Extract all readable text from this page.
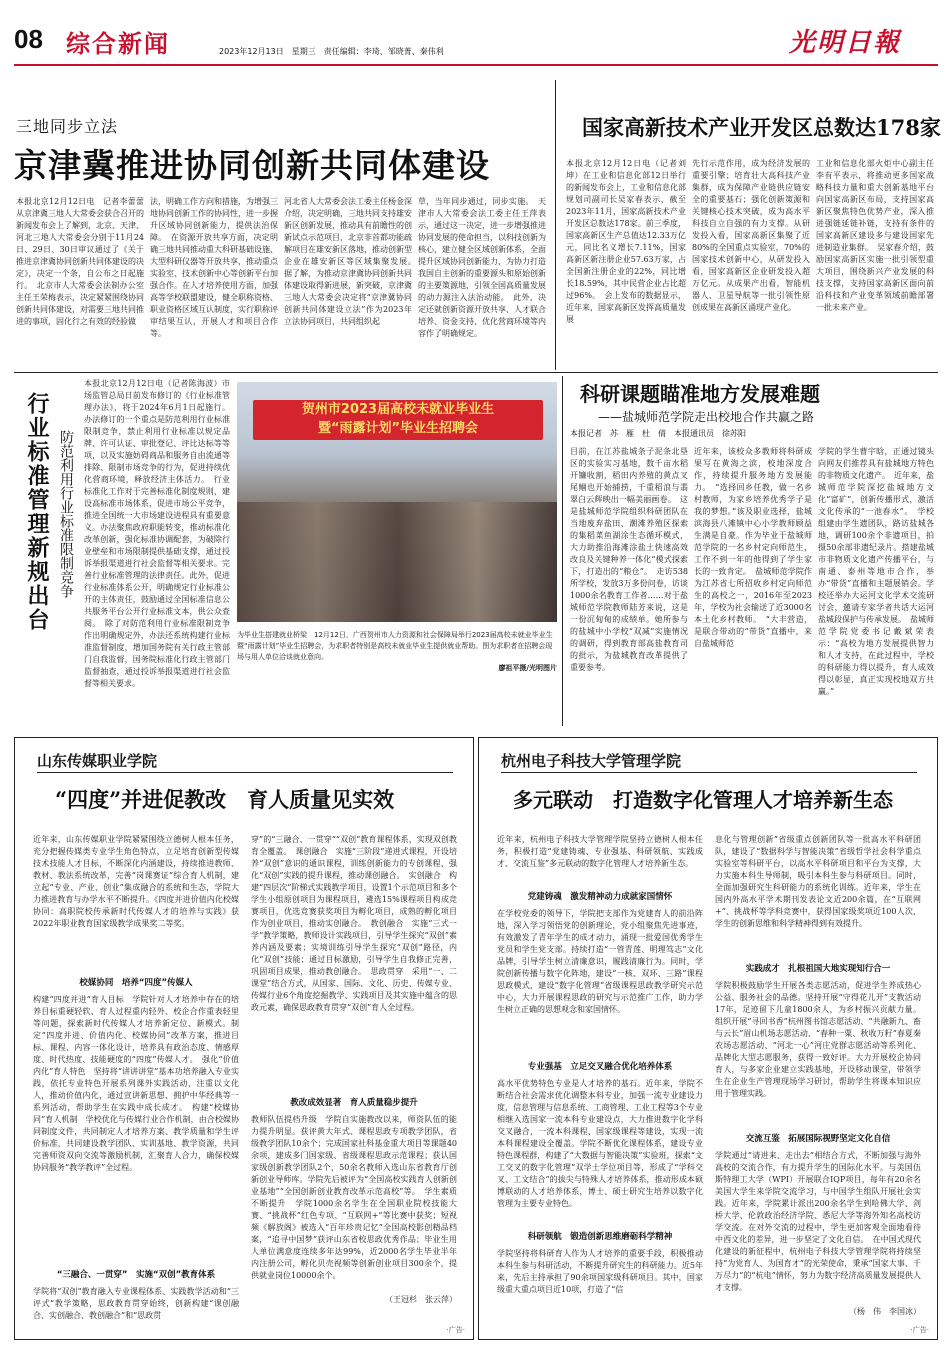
08 综合新闻	2023年12月13日　星期三　责任编辑：李琦、邹晓菁、秦伟利	光明日報
三地同步立法
京津冀推进协同创新共同体建设
本报北京12月12日电　记者李蕾蕾　从京津冀三地人大常委会获合召开的新闻发布会上了解到，北京、天津、河北三地人大常委会分别于11月24日、29日、30日审议通过了《关于推进京津冀协同创新共同体建设的决定》，决定一个条，自公布之日起施行。　北京市人大常委会法制办公室主任王荣梅表示，决定紧紧围绕协同创新共同体建设，对需要三地共同推进的事项，固化行之有效的经验做
法，明确工作方向和措施，为增强三地协同创新工作的协同性，进一步握升区域协同创新能力，提供法治保障。　在资源开放共享方面，决定明确三地共同推动重大科研基础设施、大型科研仪器等开放共享，推动重点实验室、技术创新中心等创新平台加强合作。在人才培养使用方面，加强高等学校联盟建设，健全职称资格、职业资格区域互认制度，实行职称评审结果互认，开展人才和项目合作等。
河北省人大常委会法工委主任杨金深介绍，决定明确，三地共同支持雄安新区创新发展，推动具有前瞻性的创新试点示范项目，北京非首都功能疏解项目在雄安新区落地，推动创新型企业在雄安新区等区域集聚发展。　据了解，为推动京津冀协同创新共同体建设取得新进展，新突破，京津冀三地人大常委会决定将“京津冀协同创新共同体建设立法”作为2023年立法协同项目，共同组织起
草，当年同步通过，同步实施。　天津市人大常委会法工委主任王萍表示，通过这一决定，进一步增强推进协同发展的使命担当，以科技创新为核心，建立健全区域创新体系，全面提升区域协同创新能力，为协力打造我国自主创新的重要源头和原始创新的主要策源地，引领全国高质量发展的动力源注入法治动能。　此外，决定还就创新资源开放共享、人才联合培养、资金支持、优化营商环境等内容作了明确规定。
国家高新技术产业开发区总数达178家
本报北京12月12日电（记者刘坤）在工业和信息化部12日举行的新闻发布会上，工业和信息化部规划司副司长吴家春表示，截至2023年11月，国家高新技术产业开发区总数达178家。前三季度，国家高新区生产总值达12.33万亿元，同比名义增长7.11%，国家高新区新注册企业57.63万家，占全国新注册企业的22%，同比增长18.59%，其中民营企业占比超过96%。　会上发布的数据显示，近年来，国家高新区发挥高质量发展
先行示范作用，成为经济发展的重要引擎；培育壮大高科技产业集群，成为保障产业链供应链安全的重要基石；强化创新策源和关键核心技术突破，成为高水平科技自立自强的有力支撑。从研发投入看，国家高新区集聚了近80%的全国重点实验室，70%的国家技术创新中心，从研发投入看，国家高新区企业研发投入超万亿元。从成果产出看，智能机器人、卫星导航等一批引领性原创成果在高新区涌现产业化。
工业和信息化部火炬中心副主任李有平表示，将推动更多国家战略科技力量和重大创新基地平台向国家高新区布局，支持国家高新区聚焦特色优势产业，深入推进强链延链补链，支持有条件的国家高新区建设多与建设国家先进制造业集群。　吴家春介绍，鼓励国家高新区实施一批引领型重大项目，围绕新兴产业发展的科技支撑，支持国家高新区面向前沿科技和产业变革领域前瞻部署一批未来产业。
行业标准管理新规出台 防范利用行业标准限制竞争
本报北京12月12日电（记者陈海波）市场监管总局日前发布修订的《行业标准管理办法》，将于2024年6月1日起施行。办法修订的一个重点是防范利用行业标准限制竞争，禁止利用行业标准以规定品牌、许可认证、审批登记、评比达标等等项，以及实施妨碍商品和服务自由流通等排除、限制市场竞争的行为，促进持续优化营商环境，释放经济主体活力。　行业标准化工作对于完善标准化制度规则，建设高标准市场体系，促进市场公平竞争，推进全国统一大市场建设进程具有重要意义。办法聚焦政府职能转变，推动标准化改革创新，强化标准协调配套，为破除行业壁垒和市场限制提供基础支撑，通过投诉举报渠道进行社会监督等相关要求。完善行业标准管理的法律责任。此外，促进行业标准体系公开，明确规定行业标准公开的主体责任，鼓励通过全国标准信息公共服务平台公开行业标准文本，供公众查阅。　除了对防范利用行业标准限制竞争作出明确规定外，办法还系统构建行业标准监督制度，增加国务院有关行政主管部门自我监督，国务院标准化行政主管部门监督抽查，通过投诉举报渠道进行社会监督等相关要求。
贺州市2023届高校未就业毕业生
暨“雨露计划”毕业生招聘会
为毕业生搭建就业桥梁　12月12日，广西贺州市人力资源和社会保障局举行2023届高校未就业毕业生暨“雨露计划”毕业生招聘会，为求职者特别是高校未就业毕业生提供就业帮助。图为求职者在招聘会现场与用人单位洽谈就业意向。
廖祖平摄/光明图片
科研课题瞄准地方发展难题
——盐城师范学院走出校地合作共赢之路
本报记者　苏　雁　杜　倩　本报通讯员　徐苏阳
目前，在江苏盐城条子泥条北垦区的实验实习基地，数千亩水稻开镰收割，稻田内养殖的黄点叉尾鲴也开始捕捞，千重稻浪与翡翠白云辉映出一幅美丽画卷。　这是盐城师范学院组织科研团队在当地废弃盐田、潮滩养殖区探索的集稻菜鱼湖涂生态循环模式，大力助推沿海滩涂盐土快速高效改良及关键种养一体化“模式探索下，打造出的“粮仓”。　走访538所学校，发放3万多份问卷，访谈1000余名教育工作者……对于盐城师范学院教师陆芳来说，这是一份沉甸甸的成绩单。她所参与的盐城中小学校“双减”实施情况的调研，得到教育部高盐教育司的批示，为盐城教育改革提供了重要参考。
近年来，该校众多教师将科研成果写在黄海之滨，校地深度合作，持续提升服务地方发展能力。　“选择回乡任教，做一名乡村教师，为家乡培养优秀学子是我的梦想。”该及职业选择，盐城滨海县八滩镇中心小学教师顾益生满是自豪。作为毕业于盐城师范学院的一名乡村定向师范生，工作不到一年的他得到了学生家长的一致肯定。　盐城师范学院作为江苏省七所招收乡村定向师范生的高校之一，2016年至2023年，学校为社会输送了近3000名本土化乡村教师。　“大丰营造，是联合带动的“带货”直播中，来自盐城师范
学院的学生曹宇晗，正通过镜头向网友们推荐具有盐城地方特色的非物质文化遗产。　近年来，盐城师范学院深挖盐城地方文化“富矿”，创新传播形式，激活文化传承的“一池春水”。　学校组建由学生遗团队，路访盐城各地，调研100余个非遗项目，拍摄50余部非遗纪录片。搭建盐城市非物质文化遗产传播平台，与南通、泰州等地市合作，举办“带货”直播和主题展销会。学校还举办大运河文化学术交流研讨会，邀请专家学者共话大运河盐城段保护与传承发展。　盐城师范学院党委书记戴斌荣表示：“高校为地方发展提供智力和人才支持，在此过程中，学校的科研能力得以提升，育人成效得以彰显，真正实现校地双方共赢。”
山东传媒职业学院
“四度”并进促教改　育人质量见实效
近年来，山东传媒职业学院紧紧围绕立德树人根本任务，充分把握传媒类专业学生角色特点，立足培育创新型传媒技术技能人才目标，不断深化内涵建设，持续推进教师、教材、教法系统改革，完善“岗课赛证”综合育人机制，建立起“专业、产业、创业”集成融合的系统和生态，学院大力推进教育与办学水平不断提升。《四度并进价值内化校媒协同：高职院校传承新时代传媒人才的培养与实践》获2022年职业教育国家级教学成果奖二等奖。
校媒协同　培养“四度”传媒人
构建“四度并进”育人目标　学院针对人才培养中存在的培养目标重硬轻软、育人过程重内轻外、校企合作重表轻里等问题，探索新时代传媒人才培养新定位、新模式。制定“四度并进、价值内化、校媒协同”改革方案，推进目标、课程、内容一体化设计，培养具有政治态度、情感厚度、时代热度、技能硬度的“四度”传媒人才。　强化“价值内化”育人特色　坚持将“讲讲讲堂”基本功培养融入专业实践，依托专业特色开展系列课外实践活动，注重以文化人，推动价值内化，通过宣讲新思想、拥护中华经典等一系列活动，帮助学生在实践中成长成才。　构建“校媒协同”育人机制　学校优化与传媒行业合作机制，由合校媒协同制度文件，共同制定人才培养方案、教学质量和学生评价标准，共同建设教学团队、实训基地、教学资源，共同完善师资双向交流等激励机制，汇聚育人合力，确保校媒协同服务“教学教评”全过程。
“三融合、一贯穿”　实施“双创”教育体系
学院将“双创”教育融入专业课程体系、实践教学活动和“三评式”教学策略，思政教育贯穿始终，创新构建“课创融合、实创融合、教创融合”和“思政贯
穿”的“三融合、一贯穿”“双创”教育课程体系，实现双创教育全覆盖。　课创融合　实施“三阶段”递进式课程，开设培养“双创”意识的通识课程，训练创新能力的专创课程、强化“双创”实践的提升课程，推动课创融合。　实创融合　构建“四层次”阶梯式实践教学项目，设置1个示范项目和多个学生小组原创项目为课程项目，遴选15%课程项目构成竞赛项目，优选竞赛获奖项目为孵化项目，成熟的孵化项目作为创业项目，推动实创融合。　教创融合　实施“三式一学”教学策略，教师设计实践项目，引导学生探究“双创”素养内涵及要素；实境训练引导学生探究“双创”路径，内化“双创”技能；通过目标激励，引导学生自我修正完善，巩固项目成果，推动教创融合。　思政贯穿　采用“一、二课堂”结合方式，从国家、国际、文化、历史、传媒专业、传媒行业6个角度挖掘教学、实践项目及其实施中蕴含的思政元素，确保思政教育贯穿“双创”育人全过程。
教改成效显著　育人质量稳步提升
教师队伍提档升级　学院自实施教改以来，师资队伍的能力提升明显。获评黄大年式、课程思政专项教学团队，省级教学团队10余个；完成国家社科基金重大项目等课题40余项，建成多门国家级、省级课程思政示范课程；获认国家级创新教学团队2个，50余名教师入选山东省教育厅创新创业导师库。学院先后被评为“全国高校实践育人创新创业基地”“全国创新创业教育改革示范高校”等。　学生素质不断提升　学院1000余名学生在全国职业院校技能大赛、“挑战杯”红色专项、“互联网+”等比赛中获奖；短视频《解放阁》被选入“百年珍贵记忆”全国高校影创精品档案，“追寻中国梦”获评山东省校思政优秀作品；毕业生用人单位满意度连续多年达99%，近2000名学生毕业半年内注册公司，孵化贝壳视频等创新创业项目300余个，提供就业岗位10000余个。
（王冠杉　张云萍）
·广告·
杭州电子科技大学管理学院
多元联动　打造数字化管理人才培养新生态
近年来，杭州电子科技大学管理学院坚持立德树人根本任务，积极打造“党建铸魂、专业强基、科研领航、实践成才、交流互鉴”多元联动的数字化管理人才培养新生态。
党建铸魂　激发精神动力成就家国情怀
在学校党委的领导下，学院把支部作为党建育人的前沿阵地，深入学习领悟党的创新理论，党小组聚焦先进事迹，有效激发了青年学生的成才动力，涌现一批爱国优秀学生党员和学生党支部。持续打造“一管青莲、明理笃志”文化品牌，引导学生树立清廉意识，履践清廉行为。同时，学院创新传播与数字化阵地，建设“一核、双环、三路”课程思政模式，建设“数字化管理”省级课程思政教学研究示范中心，大力开展课程思政的研究与示范推广工作，助力学生树立正确的思想观念和家国情怀。
专业强基　立足交叉融合优化培养体系
高水平优势特色专业是人才培养的基石。近年来，学院不断结合社会需求优化调整本科专业，加强一流专业建设力度，信息管理与信息系统、工商管理、工业工程等3个专业相继入选国家一流本科专业建设点，大力推进数字化学科交叉融合，一流本科课程、国家级课程等建设，实现一流本科课程建设全覆盖。学院不断优化课程体系，建设专业特色课程群，构建了“大数据与智能决策”实验班，探索“文工交叉的数字化管理”双学士学位项目等，形成了“学科交叉、工文结合”的拔尖与特殊人才培养体系，推动形成本硕博联动的人才培养体系，博士、硕士研究生培养以数字化管理为主要专业特色。
科研领航　锻造创新思维磨砺科学精神
学院坚持将科研育人作为人才培养的重要手段，积极推动本科生参与科研活动，不断提升研究生的科研能力。近5年来，先后主持承担了90余项国家级科研项目。其中，国家级重大重点项目近10项，打造了“信
息化与管理创新”省级重点创新团队等一批高水平科研团队，建设了“数据科学与智能决策”省级哲学社会科学重点实验室等科研平台，以高水平科研项目和平台为支撑，大力实施本科生导师制，吸引本科生参与科研项目。同时，全面加强研究生科研能力的系统化训练。近年来，学生在国内外高水平学术期刊发表论文近200余篇，在“互联网+”、挑战杯等学科竞赛中，获得国家级奖项近100人次，学生的创新思维和科学精神得到有效提升。
实践成才　扎根祖国大地实现知行合一
学院积极鼓励学生开展各类志愿活动，促进学生养成热心公益、服务社会的品德。坚持开展“守得花儿开”支教活动17年，足迹留下儿童1800余人，为乡村振兴贡献力量。组织开展“寻回书香”杭州图书馆志愿活动、“共融新九、畜与云长”眉山机场志愿活动、“春种一粟、秋收万籽”春夏秦农场志愿活动、“河北一心”河庄党群志愿活动等系列化、品牌化大型志愿服务，获得一致好评。大力开展校企协同育人，与多家企业建立实践基地，开设移动课堂，带领学生在企业生产管理现场学习研讨，帮助学生将课本知识应用于管理实践。
交流互鉴　拓展国际视野坚定文化自信
学院通过“请进来、走出去”相结合方式，不断加强与海外高校的交流合作，有力提升学生的国际化水平。与美国伍斯特理工大学（WPI）开展联合IQP项目，每年有20余名美国大学生来学院交流学习，与中国学生组队开展社会实践。近年来，学院累计派出200余名学生到哈佛大学、剑桥大学、伦敦政治经济学院、悉尼大学等海外知名高校访学交流。在对外交流的过程中，学生更加客观全面地看待中西文化的差异，进一步坚定了文化自信。　在中国式现代化建设的新征程中，杭州电子科技大学管理学院将持续坚持“为党育人、为国育才”的光荣使命，秉承“国家大事、千万尽力”的“杭电”情怀，努力为数字经济高质量发展提供人才支撑。
（杨　伟　李国冰）
·广告·
